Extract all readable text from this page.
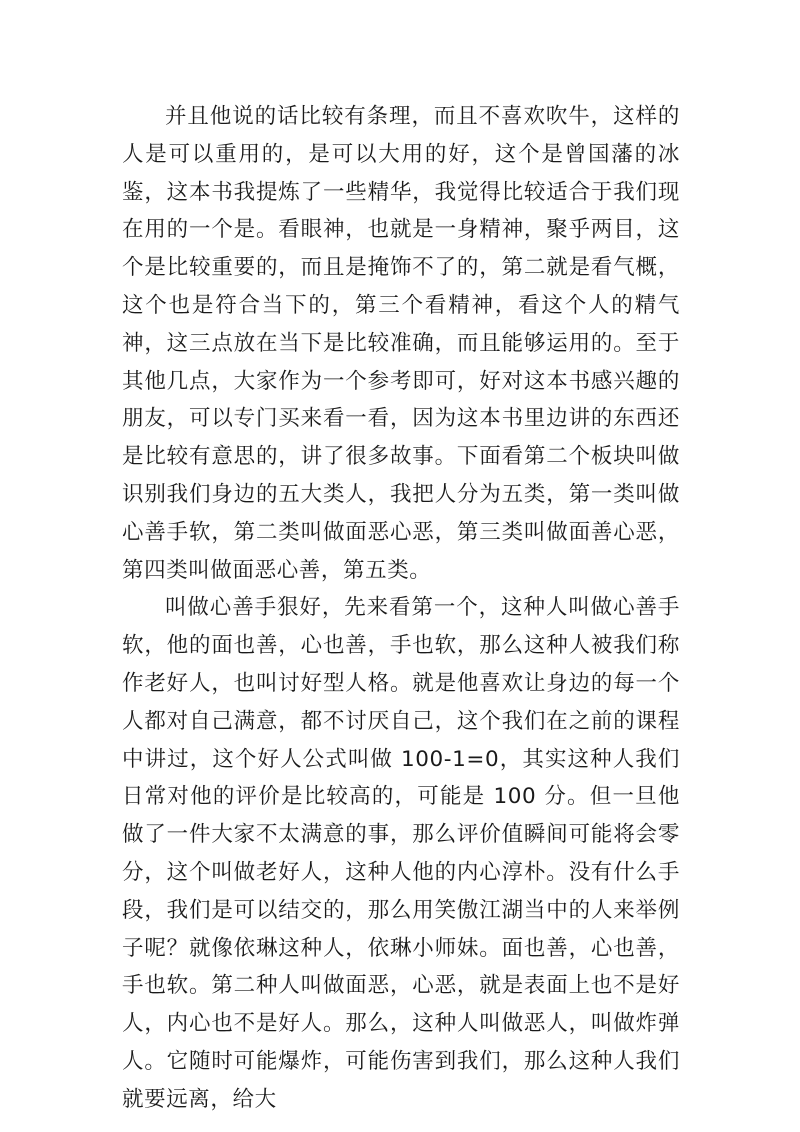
并且他说的话比较有条理，而且不喜欢吹牛，这样的人是可以重用的，是可以大用的好，这个是曾国藩的冰鉴，这本书我提炼了一些精华，我觉得比较适合于我们现在用的一个是。看眼神，也就是一身精神，聚乎两目，这个是比较重要的，而且是掩饰不了的，第二就是看气概，这个也是符合当下的，第三个看精神，看这个人的精气神，这三点放在当下是比较准确，而且能够运用的。至于其他几点，大家作为一个参考即可，好对这本书感兴趣的朋友，可以专门买来看一看，因为这本书里边讲的东西还是比较有意思的，讲了很多故事。下面看第二个板块叫做识别我们身边的五大类人，我把人分为五类，第一类叫做心善手软，第二类叫做面恶心恶，第三类叫做面善心恶，第四类叫做面恶心善，第五类。

叫做心善手狠好，先来看第一个，这种人叫做心善手软，他的面也善，心也善，手也软，那么这种人被我们称作老好人，也叫讨好型人格。就是他喜欢让身边的每一个人都对自己满意，都不讨厌自己，这个我们在之前的课程中讲过，这个好人公式叫做 100-1=0，其实这种人我们日常对他的评价是比较高的，可能是 100 分。但一旦他做了一件大家不太满意的事，那么评价值瞬间可能将会零分，这个叫做老好人，这种人他的内心淳朴。没有什么手段，我们是可以结交的，那么用笑傲江湖当中的人来举例子呢？就像依琳这种人，依琳小师妹。面也善，心也善，手也软。第二种人叫做面恶，心恶，就是表面上也不是好人，内心也不是好人。那么，这种人叫做恶人，叫做炸弹人。它随时可能爆炸，可能伤害到我们，那么这种人我们就要远离，给大
